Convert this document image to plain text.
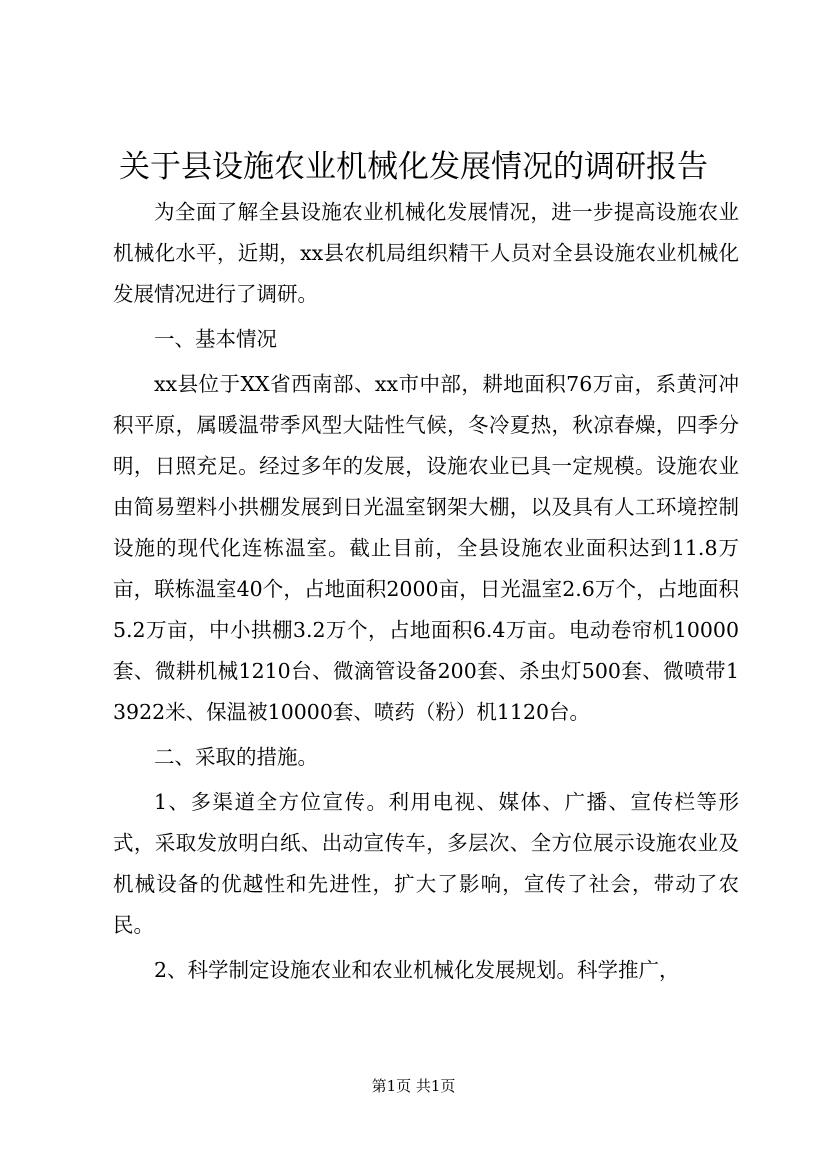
关于县设施农业机械化发展情况的调研报告

为全面了解全县设施农业机械化发展情况，进一步提高设施农业机械化水平，近期，xx县农机局组织精干人员对全县设施农业机械化发展情况进行了调研。

一、基本情况

xx县位于XX省西南部、xx市中部，耕地面积76万亩，系黄河冲积平原，属暖温带季风型大陆性气候，冬冷夏热，秋凉春燥，四季分明，日照充足。经过多年的发展，设施农业已具一定规模。设施农业由简易塑料小拱棚发展到日光温室钢架大棚，以及具有人工环境控制设施的现代化连栋温室。截止目前，全县设施农业面积达到11.8万亩，联栋温室40个，占地面积2000亩，日光温室2.6万个，占地面积5.2万亩，中小拱棚3.2万个，占地面积6.4万亩。电动卷帘机10000套、微耕机械1210台、微滴管设备200套、杀虫灯500套、微喷带13922米、保温被10000套、喷药（粉）机1120台。

二、采取的措施。

1、多渠道全方位宣传。利用电视、媒体、广播、宣传栏等形式，采取发放明白纸、出动宣传车，多层次、全方位展示设施农业及机械设备的优越性和先进性，扩大了影响，宣传了社会，带动了农民。

2、科学制定设施农业和农业机械化发展规划。科学推广，

第1页 共1页
